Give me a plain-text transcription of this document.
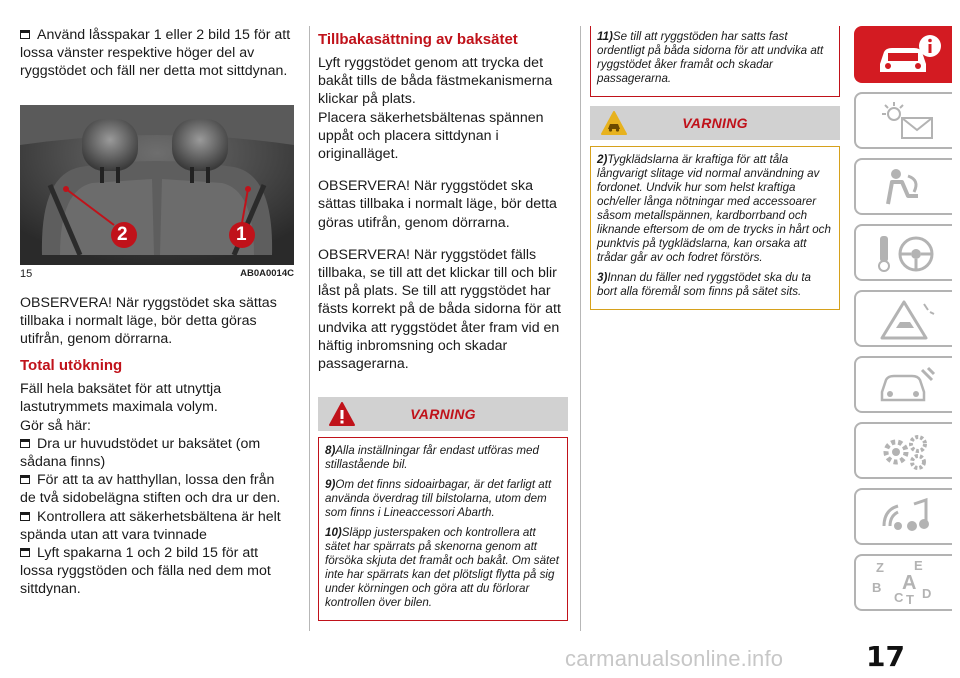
Använd låsspakar 1 eller 2 bild 15 för att lossa vänster respektive höger del av ryggstödet och fäll ner detta mot sittdynan.

2	1
15	AB0A0014C

OBSERVERA! När ryggstödet ska sättas tillbaka i normalt läge, bör detta göras utifrån, genom dörrarna.

Total utökning

Fäll hela baksätet för att utnyttja lastutrymmets maximala volym.

Gör så här:

Dra ur huvudstödet ur baksätet (om sådana finns)

För att ta av hatthyllan, lossa den från de två sidobelägna stiften och dra ur den.

Kontrollera att säkerhetsbältena är helt spända utan att vara tvinnade

Lyft spakarna 1 och 2 bild 15 för att lossa ryggstöden och fälla ned dem mot sittdynan.

Tillbakasättning av baksätet

Lyft ryggstödet genom att trycka det bakåt tills de båda fästmekanismerna klickar på plats.

Placera säkerhetsbältenas spännen uppåt och placera sittdynan i originalläget.

OBSERVERA! När ryggstödet ska sättas tillbaka i normalt läge, bör detta göras utifrån, genom dörrarna.

OBSERVERA! När ryggstödet fälls tillbaka, se till att det klickar till och blir låst på plats. Se till att ryggstödet har fästs korrekt på de båda sidorna för att undvika att ryggstödet åter fram vid en häftig inbromsning och skadar passagerarna.

VARNING

8)Alla inställningar får endast utföras med stillastående bil.

9)Om det finns sidoairbagar, är det farligt att använda överdrag till bilstolarna, utom dem som finns i Lineaccessori Abarth.

10)Släpp justerspaken och kontrollera att sätet har spärrats på skenorna genom att försöka skjuta det framåt och bakåt. Om sätet inte har spärrats kan det plötsligt flytta på sig under körningen och göra att du förlorar kontrollen över bilen.

11)Se till att ryggstöden har satts fast ordentligt på båda sidorna för att undvika att ryggstödet åker framåt och skadar passagerarna.

VARNING

2)Tygklädslarna är kraftiga för att tåla långvarigt slitage vid normal användning av fordonet. Undvik hur som helst kraftiga och/eller långa nötningar med accessoarer såsom metallspännen, kardborrband och liknande eftersom de om de trycks in hårt och punktvis på tygklädslarna, kan orsaka att trådar går av och fodret förstörs.

3)Innan du fäller ned ryggstödet ska du ta bort alla föremål som finns på sätet sits.

Z E
B A
C T D
carmanualsonline.info	17
